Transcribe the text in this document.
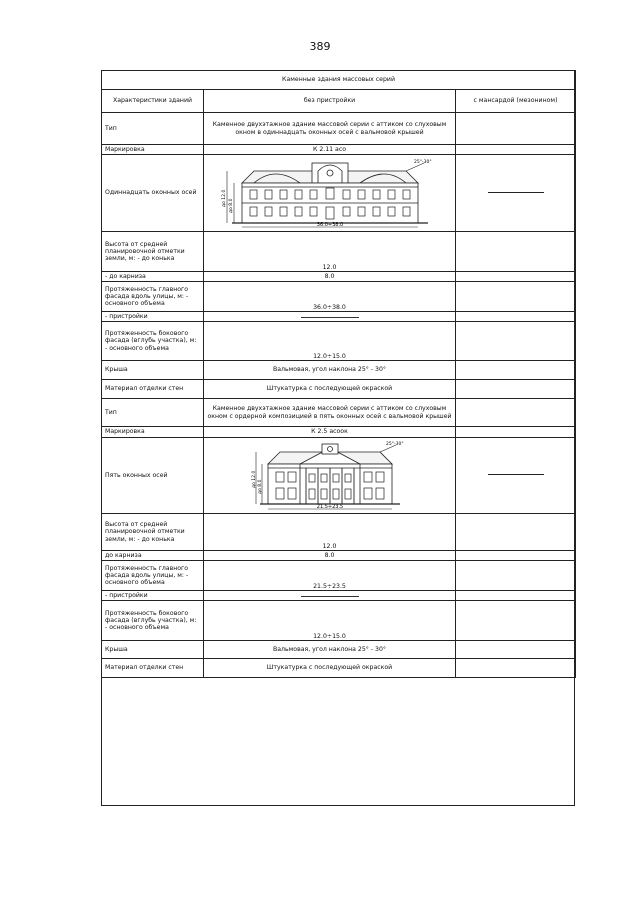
389
Каменные здания массовых серий		
Характеристики зданий	без пристройки	с мансардой (мезонином)
Тип	Каменное двухэтажное здание массовой серии с аттиком со слуховым окном в одиннадцать оконных осей с вальмовой крышей	
Маркировка	К 2.11 асо	
Одиннадцать оконных осей	36.0÷38.0
до 12.0 до 8.0
25°-30°	

Высота от средней планировочной отметки земли, м: - до конька	12.0	
- до карниза	8.0	
Протяженность главного фасада вдоль улицы, м: - основного объема	36.0÷38.0	
- пристройки		
Протяженность бокового фасада (вглубь участка), м: - основного объема	12.0÷15.0	
Крыша	Вальмовая, угол наклона 25° - 30°	
Материал отделки стен	Штукатурка с последующей окраской	
Тип	Каменное двухэтажное здание массовой серии с аттиком со слуховым окном с ордерной композицией в пять оконных осей с вальмовой крышей	
Маркировка	К 2.5 асоок	
Пять оконных осей	21.5÷23.5
до 12.0 до 8.0
25°-30°	

Высота от средней планировочной отметки земли, м: - до конька	12.0	
до карниза	8.0	
Протяженность главного фасада вдоль улицы, м: - основного объема	21.5÷23.5	
- пристройки		
Протяженность бокового фасада (вглубь участка), м: - основного объема	12.0÷15.0	
Крыша	Вальмовая, угол наклона 25° - 30°	
Материал отделки стен	Штукатурка с последующей окраской	
